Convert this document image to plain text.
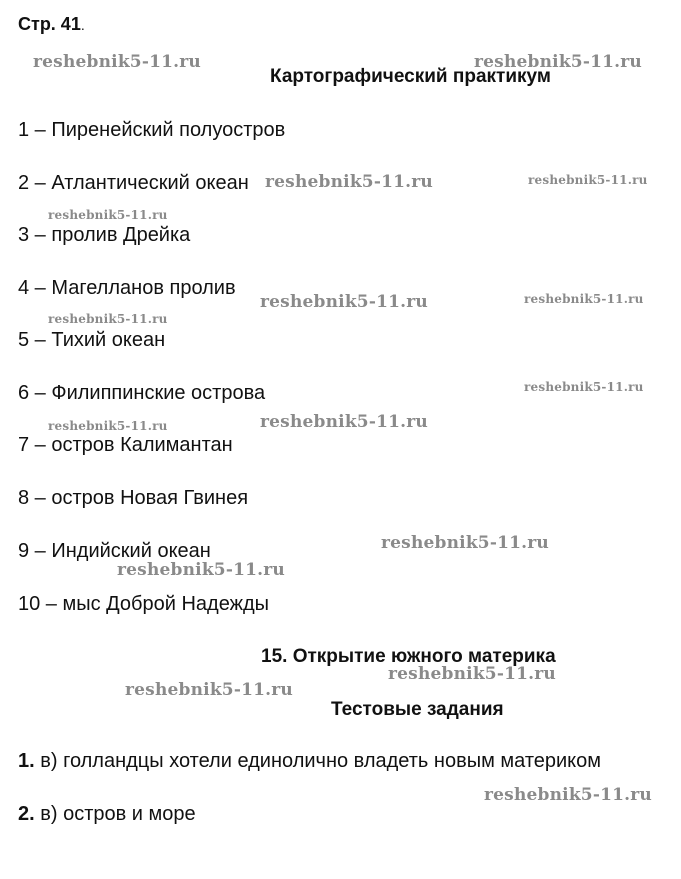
Стр. 41.
Картографический практикум
1 – Пиренейский полуостров
2 – Атлантический океан
3 – пролив Дрейка
4 – Магелланов пролив
5 – Тихий океан
6 – Филиппинские острова
7 – остров Калимантан
8 – остров Новая Гвинея
9 – Индийский океан
10 – мыс Доброй Надежды
15. Открытие южного материка
Тестовые задания
1. в) голландцы хотели единолично владеть новым материком
2. в) остров и море
reshebnik5-11.ru	reshebnik5-11.ru
reshebnik5-11.ru	reshebnik5-11.ru
reshebnik5-11.ru
reshebnik5-11.ru	reshebnik5-11.ru
reshebnik5-11.ru
reshebnik5-11.ru
reshebnik5-11.ru	reshebnik5-11.ru
reshebnik5-11.ru
reshebnik5-11.ru
reshebnik5-11.ru
reshebnik5-11.ru
reshebnik5-11.ru
